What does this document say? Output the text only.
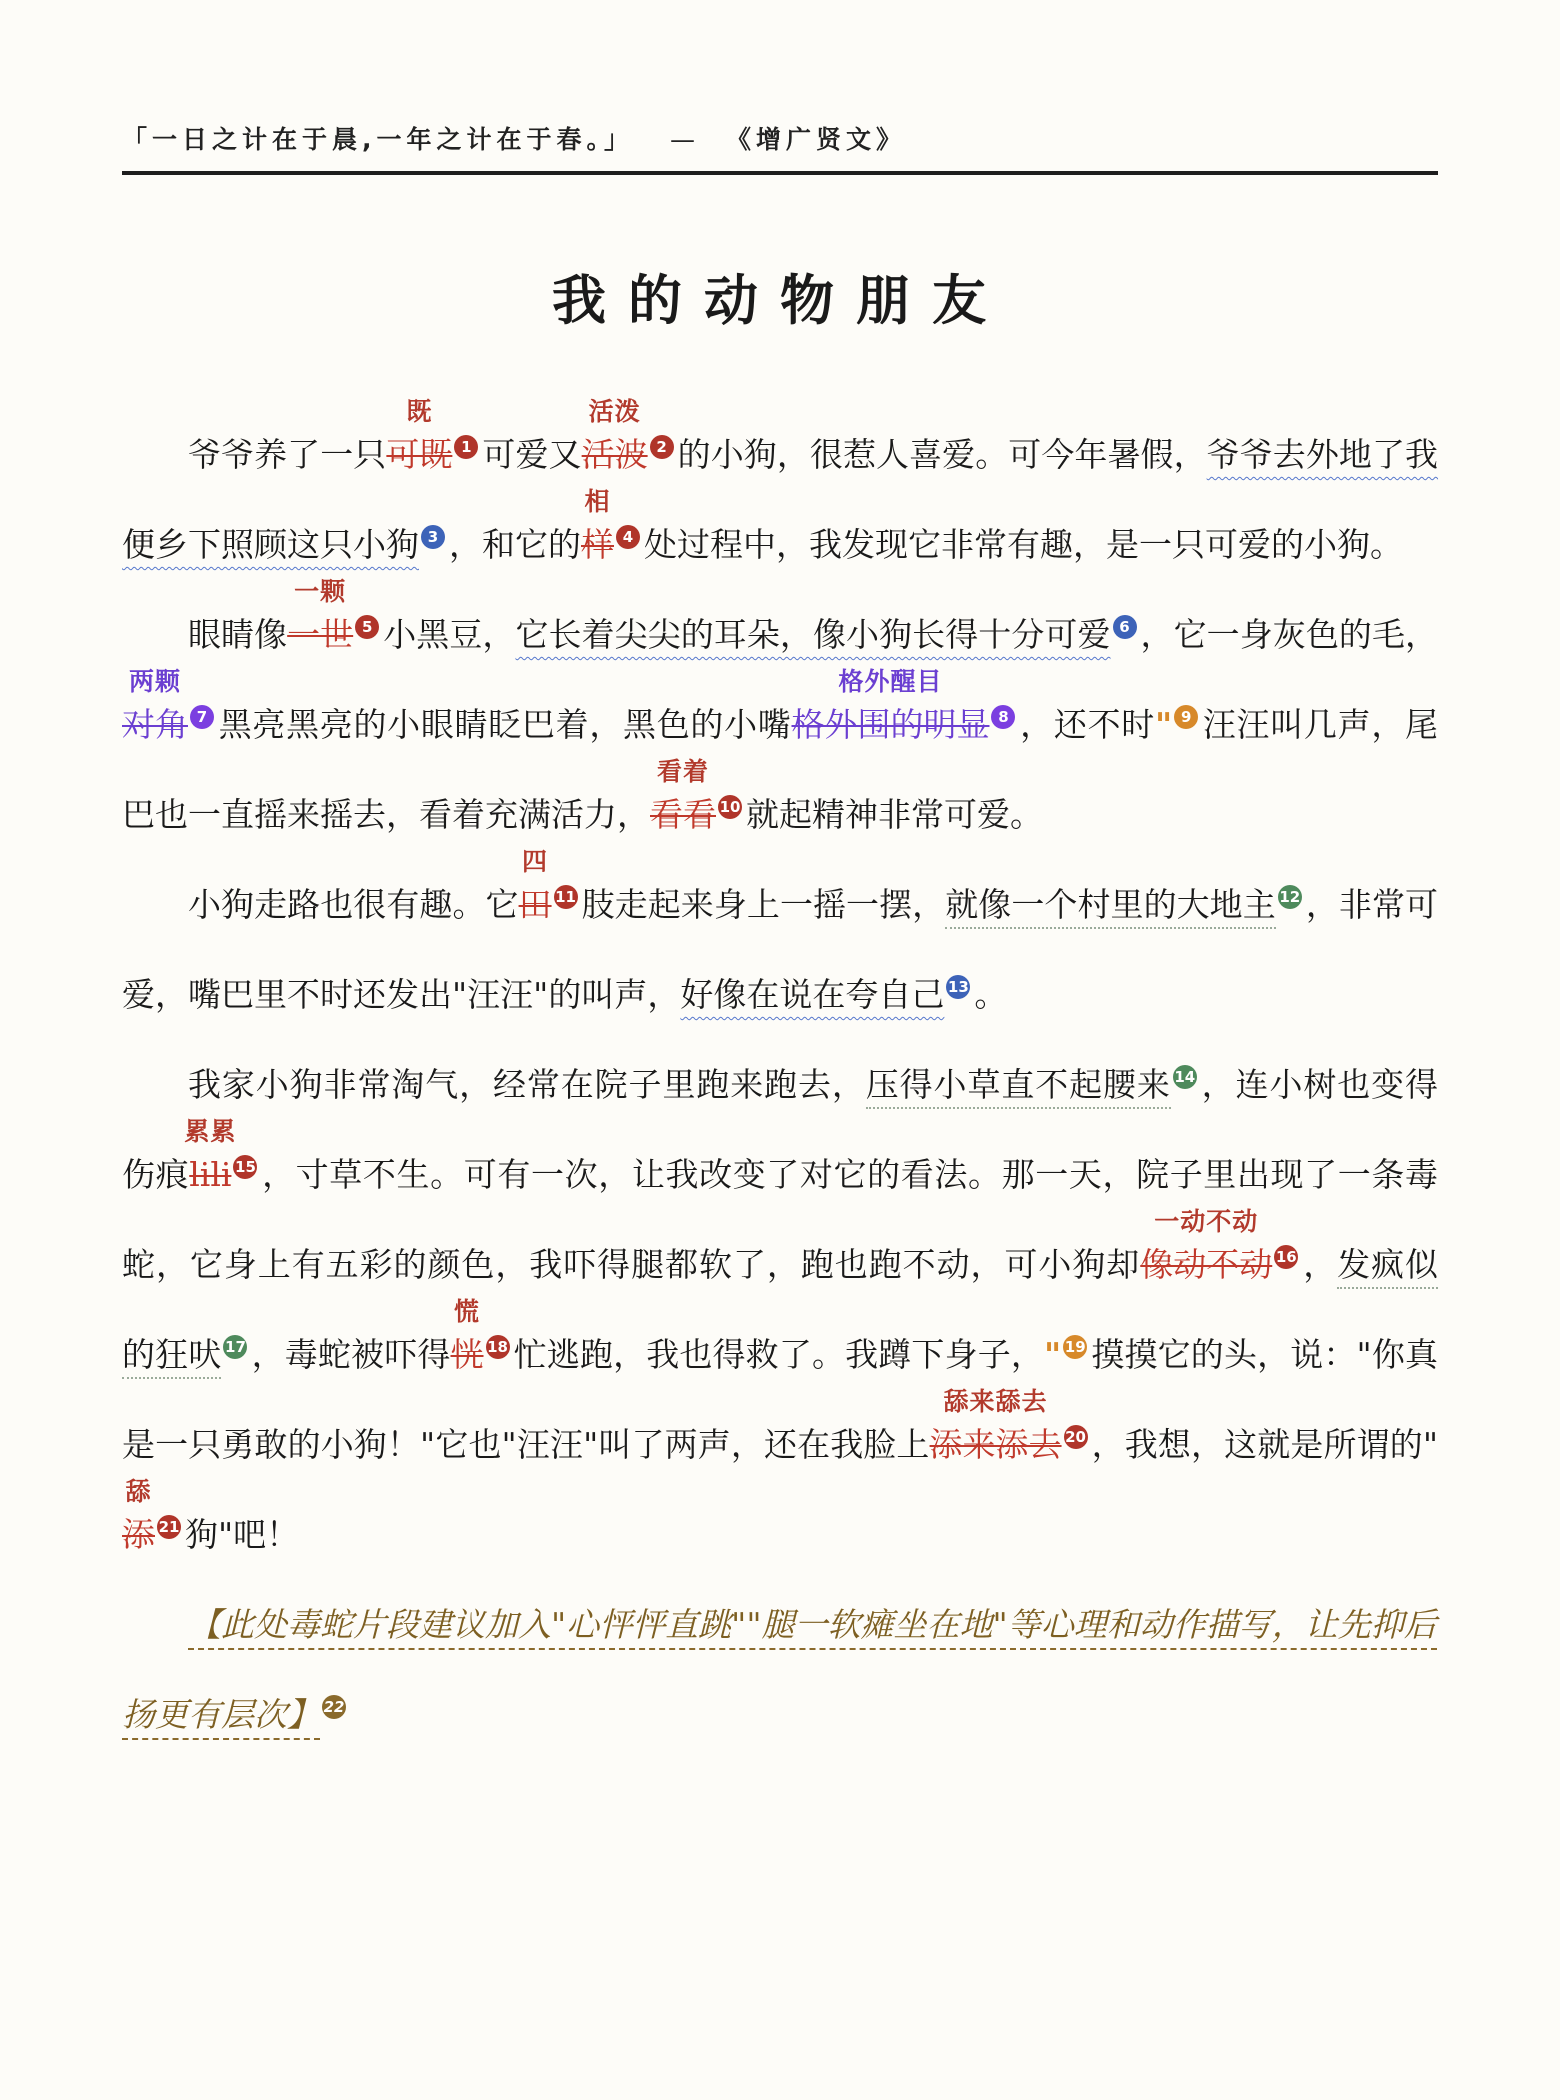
「一日之计在于晨,一年之计在于春。」 — 《增广贤文》
我的动物朋友

爷爷养了一只可既
既
1 可爱又活波
活泼
2 的小狗，很惹人喜爱。可今年暑假，爷爷去外地了我便乡下照顾这只小狗 3 ，和它的样
相
4 处过程中，我发现它非常有趣，是一只可爱的小狗。

眼睛像一世
一颗
5 小黑豆，它长着尖尖的耳朵，像小狗长得十分可爱 6 ，它一身灰色的毛，对角
两颗
7 黑亮黑亮的小眼睛眨巴着，黑色的小嘴格外围的明显
格外醒目
8 ，还不时" 9 汪汪叫几声，尾巴也一直摇来摇去，看着充满活力，看看
看着
10 就起精神非常可爱。

小狗走路也很有趣。它田
四
11 肢走起来身上一摇一摆，就像一个村里的大地主 12 ，非常可爱，嘴巴里不时还发出"汪汪"的叫声，好像在说在夸自己 13 。

我家小狗非常淘气，经常在院子里跑来跑去，压得小草直不起腰来 14 ，连小树也变得伤痕lili
累累
15 ，寸草不生。可有一次，让我改变了对它的看法。那一天，院子里出现了一条毒蛇，它身上有五彩的颜色，我吓得腿都软了，跑也跑不动，可小狗却像动不动
一动不动
16 ，发疯似的狂吠 17 ，毒蛇被吓得恍
慌
18 忙逃跑，我也得救了。我蹲下身子，" 19 摸摸它的头，说："你真是一只勇敢的小狗！"它也"汪汪"叫了两声，还在我脸上添来添去
舔来舔去
20 ，我想，这就是所谓的"添
舔
21 狗"吧！

【此处毒蛇片段建议加入"心怦怦直跳""腿一软瘫坐在地"等心理和动作描写，让先抑后扬更有层次】 22
